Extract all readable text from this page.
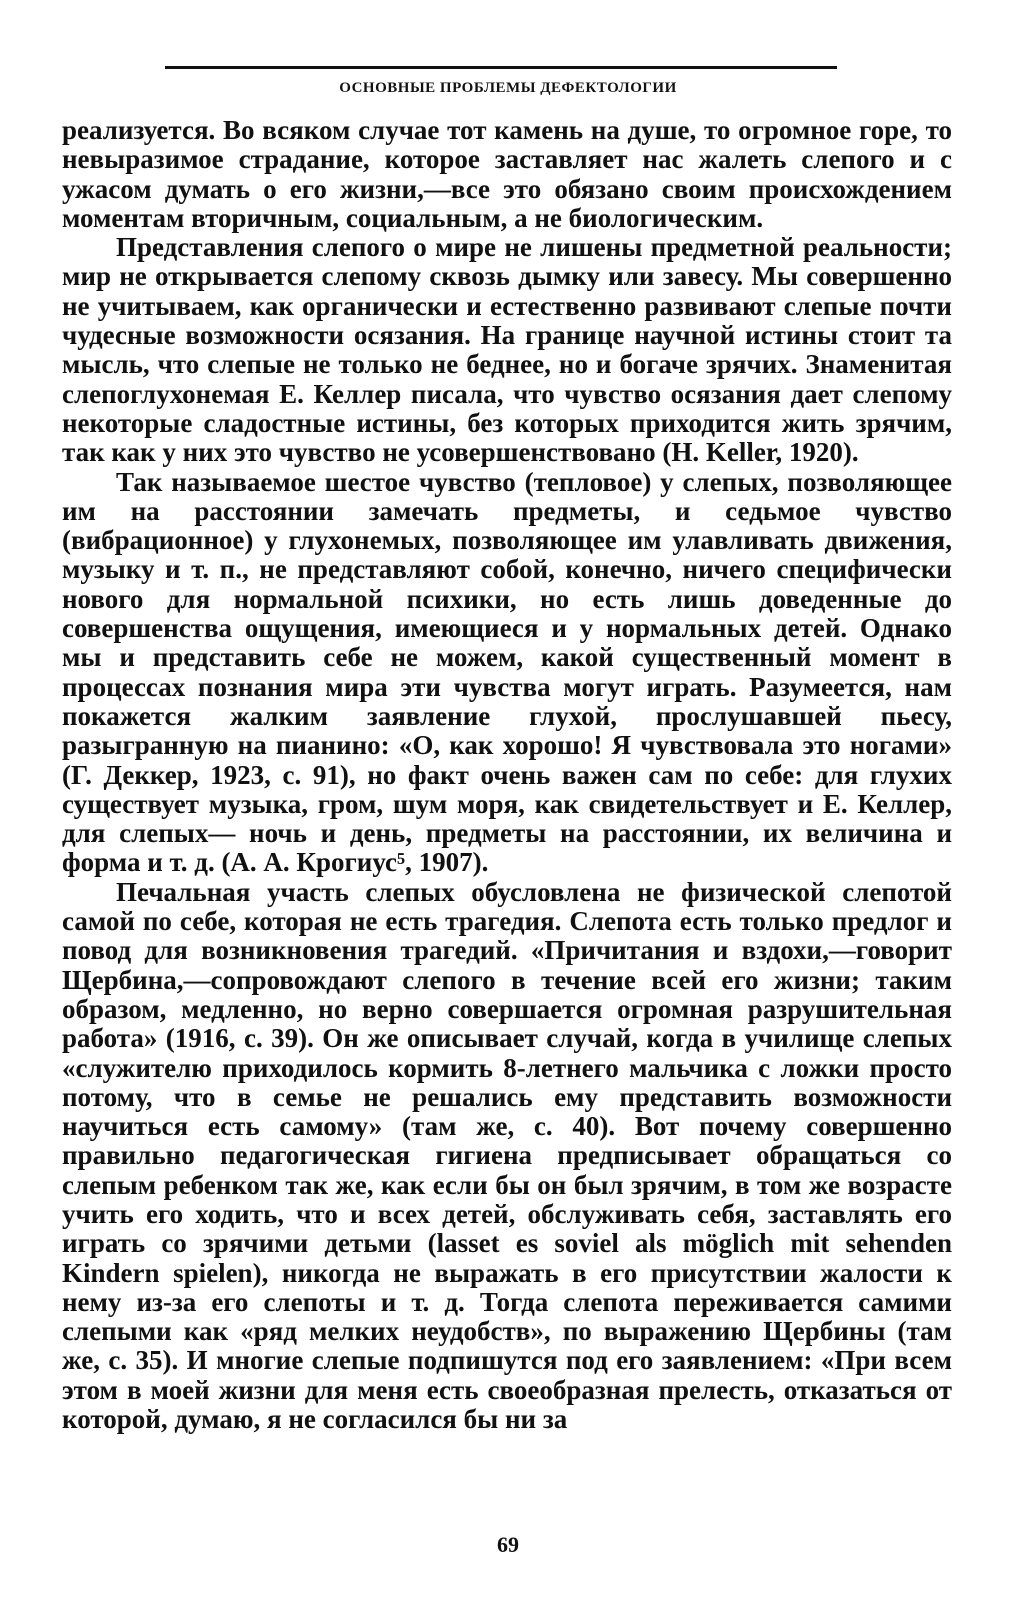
ОСНОВНЫЕ ПРОБЛЕМЫ ДЕФЕКТОЛОГИИ

реализуется. Во всяком случае тот камень на душе, то огромное горе, то невыразимое страдание, которое заставляет нас жалеть слепого и с ужасом думать о его жизни,—все это обязано своим происхождением моментам вторичным, социальным, а не биологическим.

Представления слепого о мире не лишены предметной реальности; мир не открывается слепому сквозь дымку или завесу. Мы совершенно не учитываем, как органически и естественно развивают слепые почти чудесные возможности осязания. На границе научной истины стоит та мысль, что слепые не только не беднее, но и богаче зрячих. Знаменитая слепоглухонемая Е. Келлер писала, что чувство осязания дает слепому некоторые сладостные истины, без которых приходится жить зрячим, так как у них это чувство не усовершенствовано (H. Keller, 1920).

Так называемое шестое чувство (тепловое) у слепых, позволяющее им на расстоянии замечать предметы, и седьмое чувство (вибрационное) у глухонемых, позволяющее им улавливать движения, музыку и т. п., не представляют собой, конечно, ничего специфически нового для нормальной психики, но есть лишь доведенные до совершенства ощущения, имеющиеся и у нормальных детей. Однако мы и представить себе не можем, какой существенный момент в процессах познания мира эти чувства могут играть. Разумеется, нам покажется жалким заявление глухой, прослушавшей пьесу, разыгранную на пианино: «О, как хорошо! Я чувствовала это ногами» (Г. Деккер, 1923, с. 91), но факт очень важен сам по себе: для глухих существует музыка, гром, шум моря, как свидетельствует и Е. Келлер, для слепых— ночь и день, предметы на расстоянии, их величина и форма и т. д. (А. А. Крогиус⁵, 1907).

Печальная участь слепых обусловлена не физической слепотой самой по себе, которая не есть трагедия. Слепота есть только предлог и повод для возникновения трагедий. «Причитания и вздохи,—говорит Щербина,—сопровождают слепого в течение всей его жизни; таким образом, медленно, но верно совершается огромная разрушительная работа» (1916, с. 39). Он же описывает случай, когда в училище слепых «служителю приходилось кормить 8-летнего мальчика с ложки просто потому, что в семье не решались ему представить возможности научиться есть самому» (там же, с. 40). Вот почему совершенно правильно педагогическая гигиена предписывает обращаться со слепым ребенком так же, как если бы он был зрячим, в том же возрасте учить его ходить, что и всех детей, обслуживать себя, заставлять его играть со зрячими детьми (lasset es soviel als möglich mit sehenden Kindern spielen), никогда не выражать в его присутствии жалости к нему из-за его слепоты и т. д. Тогда слепота переживается самими слепыми как «ряд мелких неудобств», по выражению Щербины (там же, с. 35). И многие слепые подпишутся под его заявлением: «При всем этом в моей жизни для меня есть своеобразная прелесть, отказаться от которой, думаю, я не согласился бы ни за

69
